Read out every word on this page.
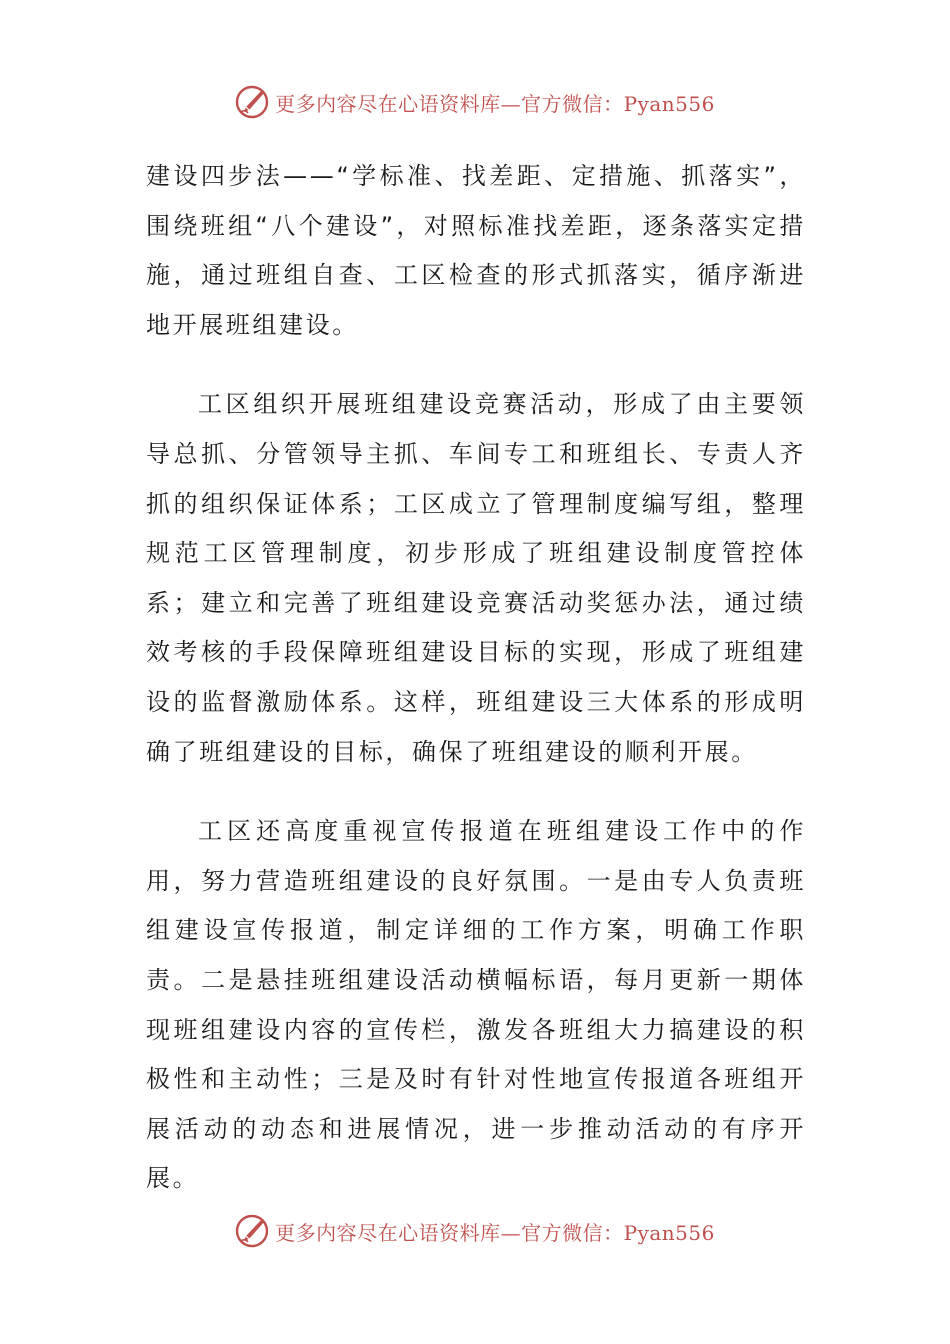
更多内容尽在心语资料库—官方微信：Pyan556

建设四步法——“学标准、找差距、定措施、抓落实”，围绕班组“八个建设”，对照标准找差距，逐条落实定措施，通过班组自查、工区检查的形式抓落实，循序渐进地开展班组建设。

工区组织开展班组建设竞赛活动，形成了由主要领导总抓、分管领导主抓、车间专工和班组长、专责人齐抓的组织保证体系；工区成立了管理制度编写组，整理规范工区管理制度，初步形成了班组建设制度管控体系；建立和完善了班组建设竞赛活动奖惩办法，通过绩效考核的手段保障班组建设目标的实现，形成了班组建设的监督激励体系。这样，班组建设三大体系的形成明确了班组建设的目标，确保了班组建设的顺利开展。

工区还高度重视宣传报道在班组建设工作中的作用，努力营造班组建设的良好氛围。一是由专人负责班组建设宣传报道，制定详细的工作方案，明确工作职责。二是悬挂班组建设活动横幅标语，每月更新一期体现班组建设内容的宣传栏，激发各班组大力搞建设的积极性和主动性；三是及时有针对性地宣传报道各班组开展活动的动态和进展情况，进一步推动活动的有序开展。

更多内容尽在心语资料库—官方微信：Pyan556
